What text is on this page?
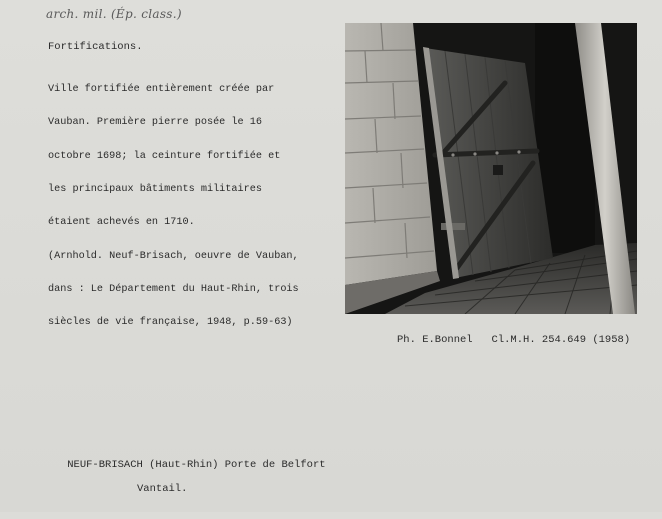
arch. mil. (Ép. class.)
Fortifications.

Ville fortifiée entièrement créée par

Vauban. Première pierre posée le 16

octobre 1698; la ceinture fortifiée et

les principaux bâtiments militaires

étaient achevés en 1710.

(Arnhold. Neuf-Brisach, oeuvre de Vauban,

dans : Le Département du Haut-Rhin, trois

siècles de vie française, 1948, p.59-63)

Ph. E.Bonnel   Cl.M.H. 254.649 (1958)

NEUF-BRISACH (Haut-Rhin) Porte de Belfort

Vantail.
